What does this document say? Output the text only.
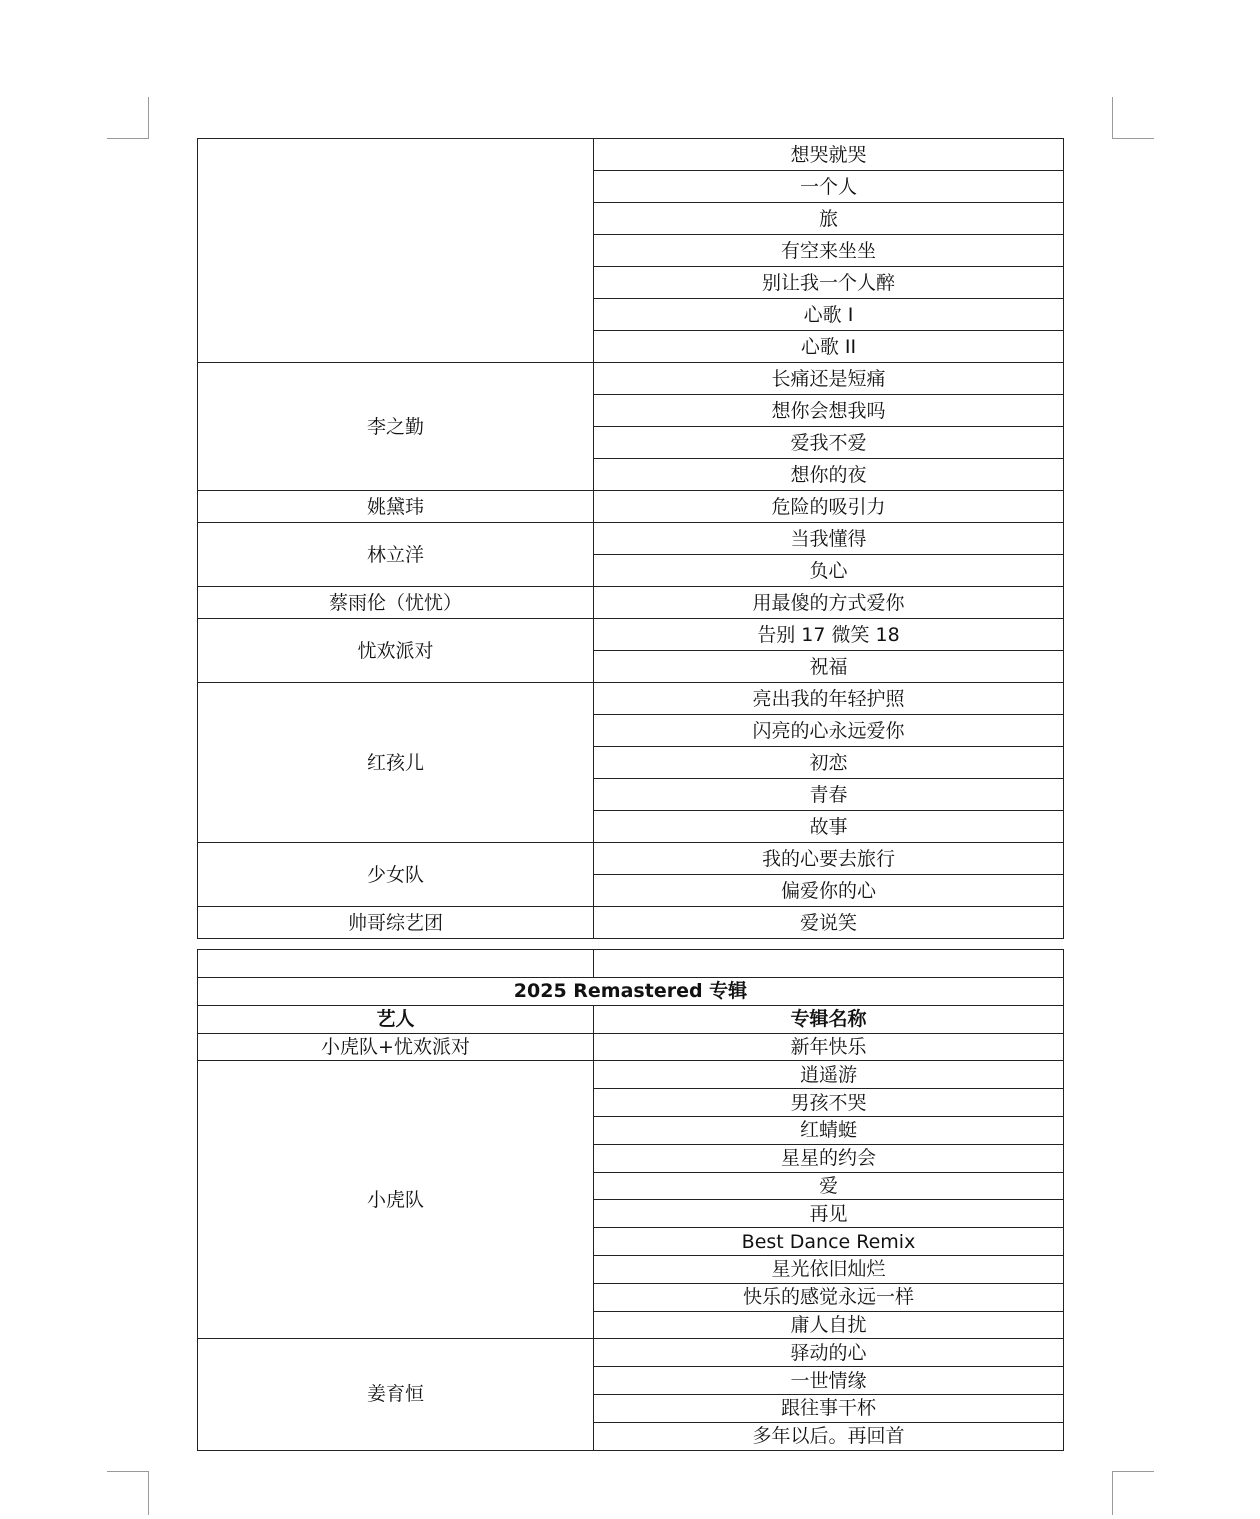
	想哭就哭
	一个人
	旅
	有空来坐坐
	别让我一个人醉
	心歌 I
	心歌 II
李之勤	长痛还是短痛
	想你会想我吗
	爱我不爱
	想你的夜
姚黛玮	危险的吸引力
林立洋	当我懂得
	负心
蔡雨伦（忧忧）	用最傻的方式爱你
忧欢派对	告别 17 微笑 18
	祝福
红孩儿	亮出我的年轻护照
	闪亮的心永远爱你
	初恋
	青春
	故事
少女队	我的心要去旅行
	偏爱你的心
帅哥综艺团	爱说笑

2025 Remastered 专辑	
艺人	专辑名称
小虎队+忧欢派对	新年快乐
小虎队	逍遥游
	男孩不哭
	红蜻蜓
	星星的约会
	爱
	再见
	Best Dance Remix
	星光依旧灿烂
	快乐的感觉永远一样
	庸人自扰
姜育恒	驿动的心
	一世情缘
	跟往事干杯
	多年以后。再回首
